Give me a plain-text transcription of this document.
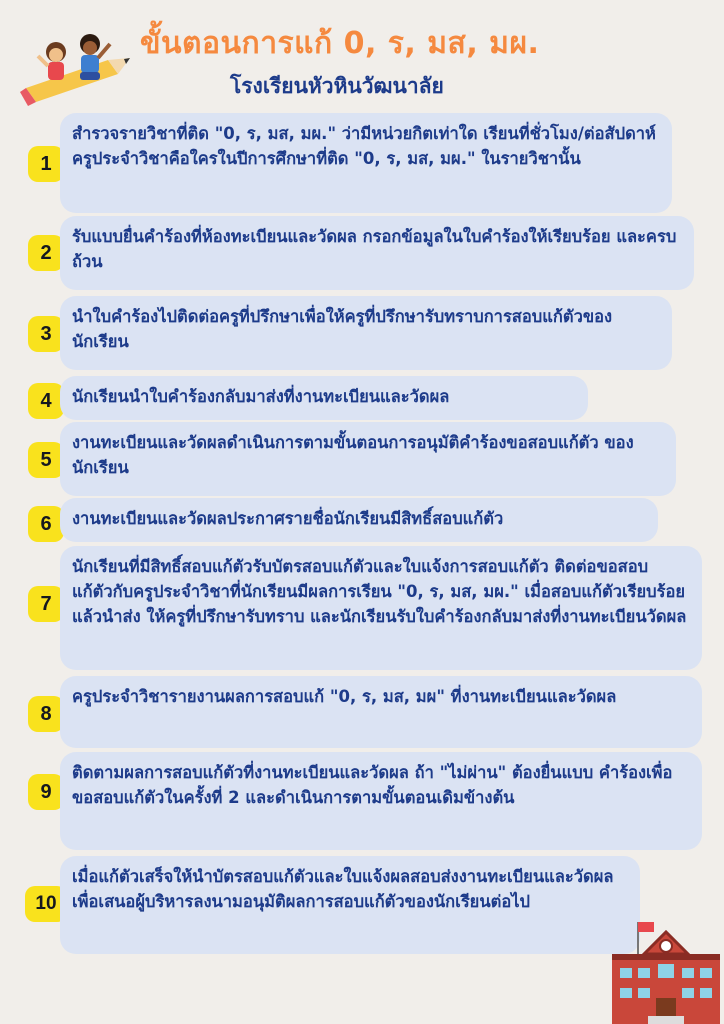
ขั้นตอนการแก้ 0, ร, มส, มผ.
โรงเรียนหัวหินวัฒนาลัย
1
สำรวจรายวิชาที่ติด "0, ร, มส, มผ." ว่ามีหน่วยกิตเท่าใด เรียนที่ชั่วโมง/ต่อสัปดาห์ ครูประจำวิชาคือใครในปีการศึกษาที่ติด "0, ร, มส, มผ." ในรายวิชานั้น
2
รับแบบยื่นคำร้องที่ห้องทะเบียนและวัดผล กรอกข้อมูลในใบคำร้องให้เรียบร้อย และครบถ้วน
3
นำใบคำร้องไปติดต่อครูที่ปรึกษาเพื่อให้ครูที่ปรึกษารับทราบการสอบแก้ตัวของนักเรียน
4	นักเรียนนำใบคำร้องกลับมาส่งที่งานทะเบียนและวัดผล
5
งานทะเบียนและวัดผลดำเนินการตามขั้นตอนการอนุมัติคำร้องขอสอบแก้ตัว ของนักเรียน
6	งานทะเบียนและวัดผลประกาศรายชื่อนักเรียนมีสิทธิ์สอบแก้ตัว
7
นักเรียนที่มีสิทธิ์สอบแก้ตัวรับบัตรสอบแก้ตัวและใบแจ้งการสอบแก้ตัว ติดต่อขอสอบแก้ตัวกับครูประจำวิชาที่นักเรียนมีผลการเรียน "0, ร, มส, มผ." เมื่อสอบแก้ตัวเรียบร้อยแล้วนำส่ง ให้ครูที่ปรึกษารับทราบ และนักเรียนรับใบคำร้องกลับมาส่งที่งานทะเบียนวัดผล
8
ครูประจำวิชารายงานผลการสอบแก้ "0, ร, มส, มผ" ที่งานทะเบียนและวัดผล
9
ติดตามผลการสอบแก้ตัวที่งานทะเบียนและวัดผล ถ้า "ไม่ผ่าน" ต้องยื่นแบบ คำร้องเพื่อขอสอบแก้ตัวในครั้งที่ 2 และดำเนินการตามขั้นตอนเดิมข้างต้น
10
เมื่อแก้ตัวเสร็จให้นำบัตรสอบแก้ตัวและใบแจ้งผลสอบส่งงานทะเบียนและวัดผล เพื่อเสนอผู้บริหารลงนามอนุมัติผลการสอบแก้ตัวของนักเรียนต่อไป
